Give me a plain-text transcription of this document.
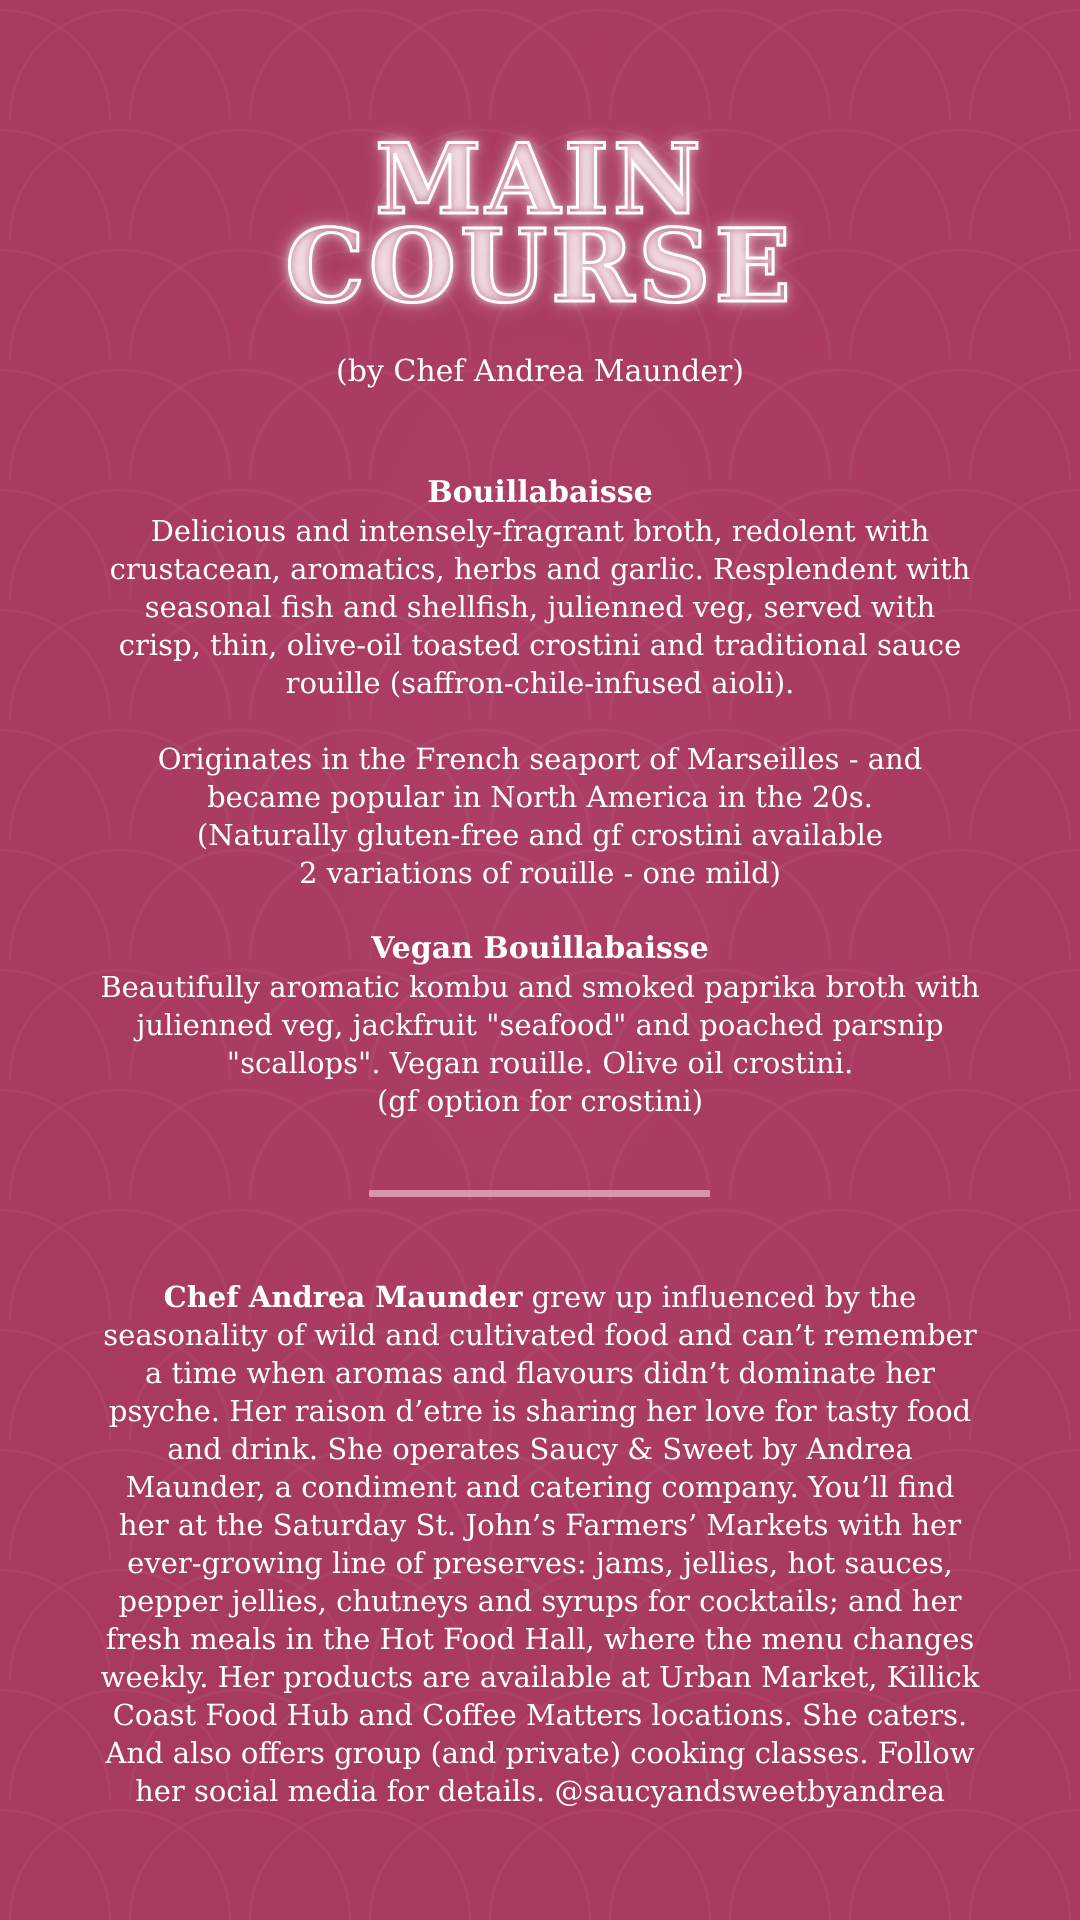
MAIN
COURSE

(by Chef Andrea Maunder)

Bouillabaisse

Delicious and intensely-fragrant broth, redolent with crustacean, aromatics, herbs and garlic. Resplendent with seasonal fish and shellfish, julienned veg, served with crisp, thin, olive-oil toasted crostini and traditional sauce rouille (saffron-chile-infused aioli).

Originates in the French seaport of Marseilles - and became popular in North America in the 20s.

(Naturally gluten-free and gf crostini available
2 variations of rouille - one mild)
Vegan Bouillabaisse

Beautifully aromatic kombu and smoked paprika broth with julienned veg, jackfruit "seafood" and poached parsnip "scallops". Vegan rouille. Olive oil crostini.

(gf option for crostini)

Chef Andrea Maunder grew up influenced by the seasonality of wild and cultivated food and can’t remember a time when aromas and flavours didn’t dominate her psyche. Her raison d’etre is sharing her love for tasty food and drink. She operates Saucy & Sweet by Andrea Maunder, a condiment and catering company. You’ll find her at the Saturday St. John’s Farmers’ Markets with her ever-growing line of preserves: jams, jellies, hot sauces, pepper jellies, chutneys and syrups for cocktails; and her fresh meals in the Hot Food Hall, where the menu changes weekly. Her products are available at Urban Market, Killick Coast Food Hub and Coffee Matters locations. She caters. And also offers group (and private) cooking classes. Follow her social media for details. @saucyandsweetbyandrea
